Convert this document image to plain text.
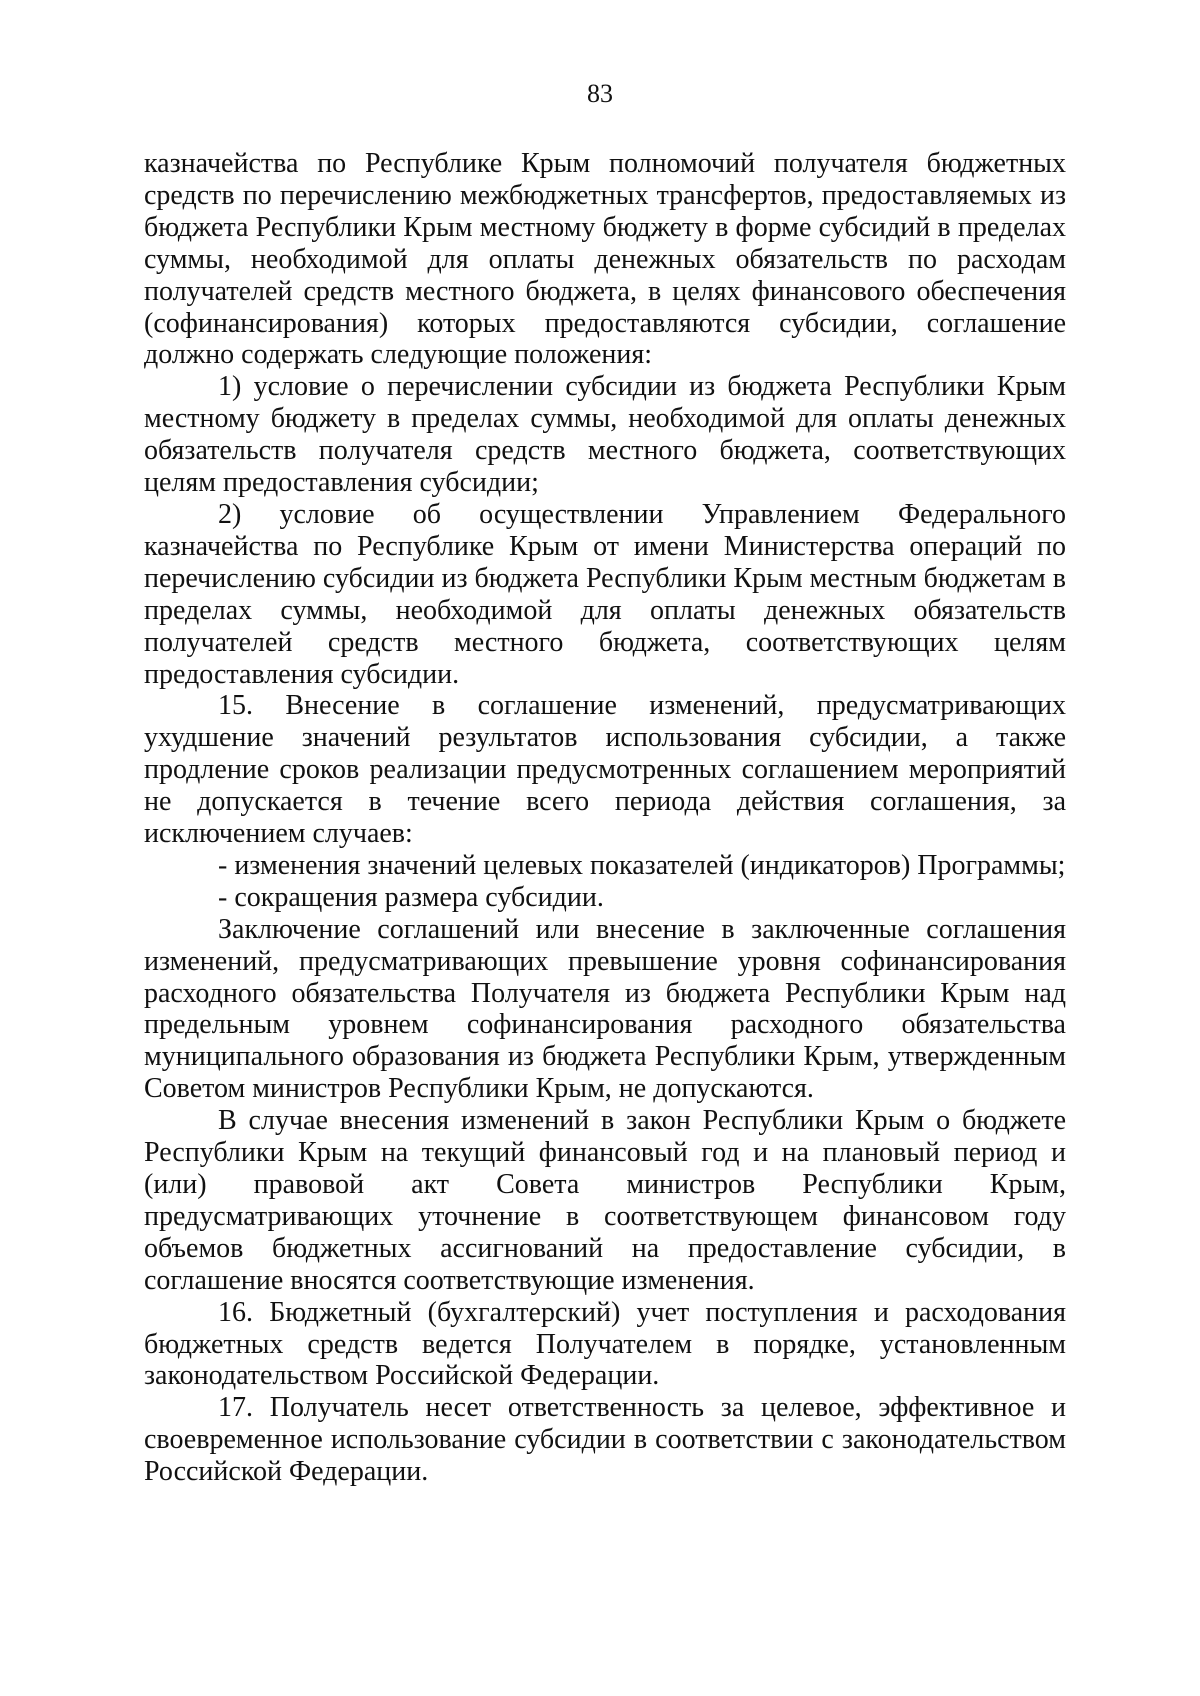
83

казначейства по Республике Крым полномочий получателя бюджетных средств по перечислению межбюджетных трансфертов, предоставляемых из бюджета Республики Крым местному бюджету в форме субсидий в пределах суммы, необходимой для оплаты денежных обязательств по расходам получателей средств местного бюджета, в целях финансового обеспечения (софинансирования) которых предоставляются субсидии, соглашение должно содержать следующие положения:

1) условие о перечислении субсидии из бюджета Республики Крым местному бюджету в пределах суммы, необходимой для оплаты денежных обязательств получателя средств местного бюджета, соответствующих целям предоставления субсидии;

2) условие об осуществлении Управлением Федерального казначейства по Республике Крым от имени Министерства операций по перечислению субсидии из бюджета Республики Крым местным бюджетам в пределах суммы, необходимой для оплаты денежных обязательств получателей средств местного бюджета, соответствующих целям предоставления субсидии.

15. Внесение в соглашение изменений, предусматривающих ухудшение значений результатов использования субсидии, а также продление сроков реализации предусмотренных соглашением мероприятий не допускается в течение всего периода действия соглашения, за исключением случаев:

- изменения значений целевых показателей (индикаторов) Программы;

- сокращения размера субсидии.

Заключение соглашений или внесение в заключенные соглашения изменений, предусматривающих превышение уровня софинансирования расходного обязательства Получателя из бюджета Республики Крым над предельным уровнем софинансирования расходного обязательства муниципального образования из бюджета Республики Крым, утвержденным Советом министров Республики Крым, не допускаются.

В случае внесения изменений в закон Республики Крым о бюджете Республики Крым на текущий финансовый год и на плановый период и (или) правовой акт Совета министров Республики Крым, предусматривающих уточнение в соответствующем финансовом году объемов бюджетных ассигнований на предоставление субсидии, в соглашение вносятся соответствующие изменения.

16. Бюджетный (бухгалтерский) учет поступления и расходования бюджетных средств ведется Получателем в порядке, установленным законодательством Российской Федерации.

17. Получатель несет ответственность за целевое, эффективное и своевременное использование субсидии в соответствии с законодательством Российской Федерации.
